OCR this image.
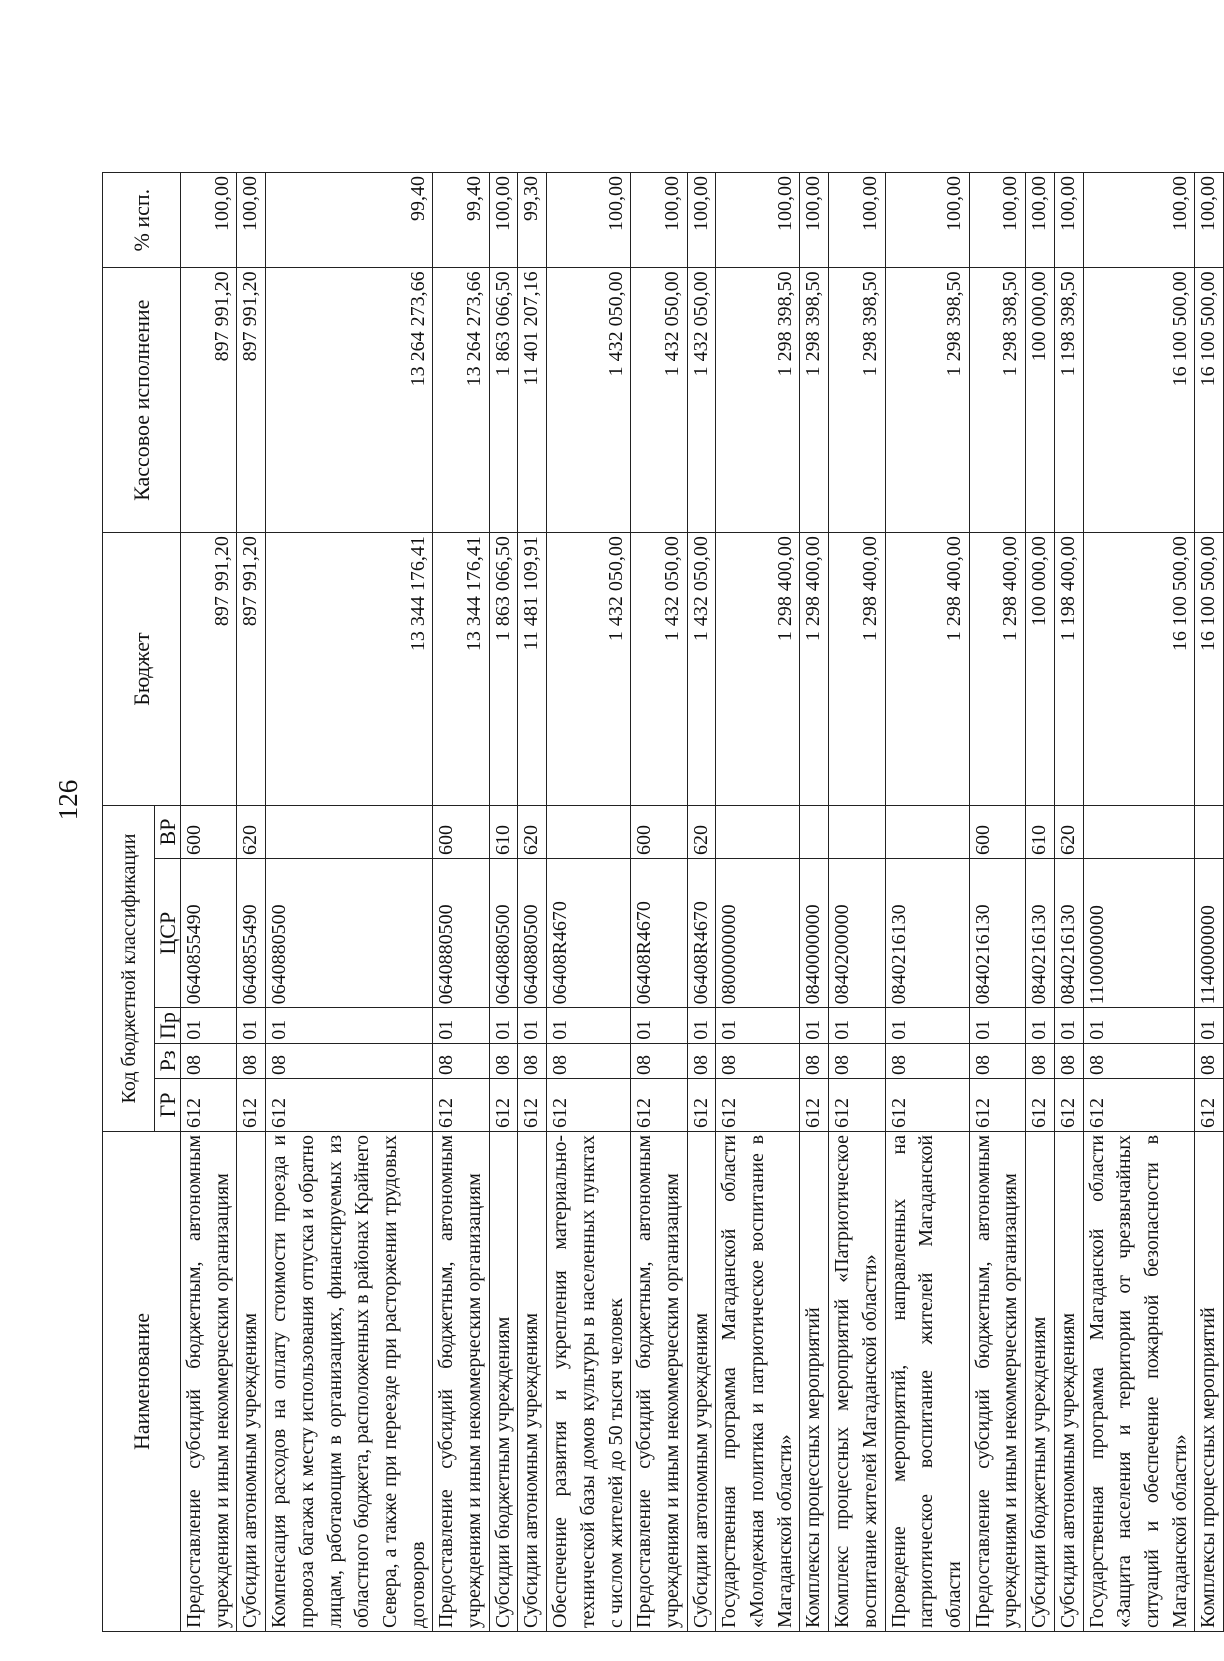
126
Наименование	Код бюджетной классификации					Бюджет	Кассовое исполнение	% исп.
	ГР	Рз	Пр	ЦСР	ВР			
Предоставление субсидий бюджетным, автономным учреждениям и иным некоммерческим организациям	612	08	01	0640855490	600	897 991,20	897 991,20	100,00
Субсидии автономным учреждениям	612	08	01	0640855490	620	897 991,20	897 991,20	100,00
Компенсация расходов на оплату стоимости проезда и провоза багажа к месту использования отпуска и обратно лицам, работающим в организациях, финансируемых из областного бюджета, расположенных в районах Крайнего Севера, а также при переезде при расторжении трудовых договоров	612	08	01	0640880500		13 344 176,41	13 264 273,66	99,40
Предоставление субсидий бюджетным, автономным учреждениям и иным некоммерческим организациям	612	08	01	0640880500	600	13 344 176,41	13 264 273,66	99,40
Субсидии бюджетным учреждениям	612	08	01	0640880500	610	1 863 066,50	1 863 066,50	100,00
Субсидии автономным учреждениям	612	08	01	0640880500	620	11 481 109,91	11 401 207,16	99,30
Обеспечение развития и укрепления материально-технической базы домов культуры в населенных пунктах с числом жителей до 50 тысяч человек	612	08	01	06408R4670		1 432 050,00	1 432 050,00	100,00
Предоставление субсидий бюджетным, автономным учреждениям и иным некоммерческим организациям	612	08	01	06408R4670	600	1 432 050,00	1 432 050,00	100,00
Субсидии автономным учреждениям	612	08	01	06408R4670	620	1 432 050,00	1 432 050,00	100,00
Государственная программа Магаданской области «Молодежная политика и патриотическое воспитание в Магаданской области»	612	08	01	0800000000		1 298 400,00	1 298 398,50	100,00
Комплексы процессных мероприятий	612	08	01	0840000000		1 298 400,00	1 298 398,50	100,00
Комплекс процессных мероприятий «Патриотическое воспитание жителей Магаданской области»	612	08	01	0840200000		1 298 400,00	1 298 398,50	100,00
Проведение мероприятий, направленных на патриотическое воспитание жителей Магаданской области	612	08	01	0840216130		1 298 400,00	1 298 398,50	100,00
Предоставление субсидий бюджетным, автономным учреждениям и иным некоммерческим организациям	612	08	01	0840216130	600	1 298 400,00	1 298 398,50	100,00
Субсидии бюджетным учреждениям	612	08	01	0840216130	610	100 000,00	100 000,00	100,00
Субсидии автономным учреждениям	612	08	01	0840216130	620	1 198 400,00	1 198 398,50	100,00
Государственная программа Магаданской области «Защита населения и территории от чрезвычайных ситуаций и обеспечение пожарной безопасности в Магаданской области»	612	08	01	1100000000		16 100 500,00	16 100 500,00	100,00
Комплексы процессных мероприятий	612	08	01	1140000000		16 100 500,00	16 100 500,00	100,00
